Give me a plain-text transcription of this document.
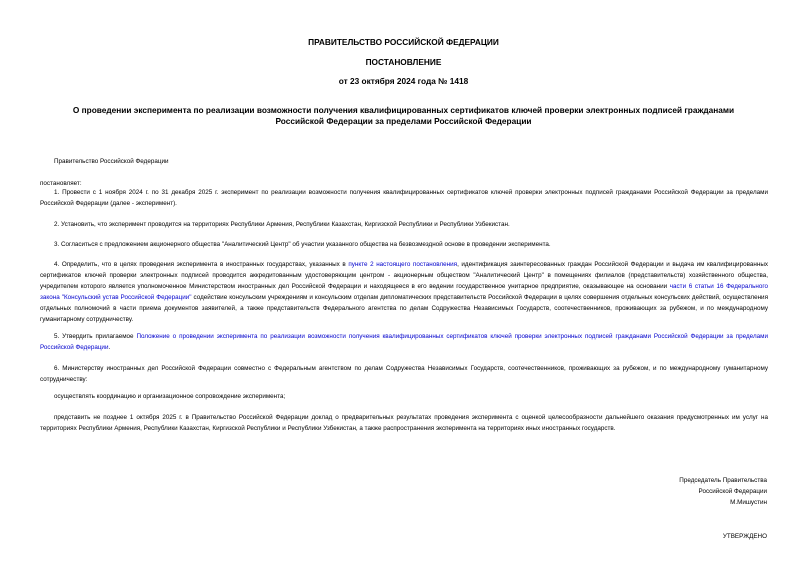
ПРАВИТЕЛЬСТВО РОССИЙСКОЙ ФЕДЕРАЦИИ
ПОСТАНОВЛЕНИЕ
от 23 октября 2024 года № 1418
О проведении эксперимента по реализации возможности получения квалифицированных сертификатов ключей проверки электронных подписей гражданами Российской Федерации за пределами Российской Федерации
Правительство Российской Федерации
постановляет:
1. Провести с 1 ноября 2024 г. по 31 декабря 2025 г. эксперимент по реализации возможности получения квалифицированных сертификатов ключей проверки электронных подписей гражданами Российской Федерации за пределами Российской Федерации (далее - эксперимент).
2. Установить, что эксперимент проводится на территориях Республики Армения, Республики Казахстан, Киргизской Республики и Республики Узбекистан.
3. Согласиться с предложением акционерного общества "Аналитический Центр" об участии указанного общества на безвозмездной основе в проведении эксперимента.
4. Определить, что в целях проведения эксперимента в иностранных государствах, указанных в пункте 2 настоящего постановления, идентификация заинтересованных граждан Российской Федерации и выдача им квалифицированных сертификатов ключей проверки электронных подписей проводится аккредитованным удостоверяющим центром - акционерным обществом "Аналитический Центр" в помещениях филиалов (представительств) хозяйственного общества, учредителем которого является уполномоченное Министерством иностранных дел Российской Федерации и находящееся в его ведении государственное унитарное предприятие, оказывающее на основании части 6 статьи 16 Федерального закона "Консульский устав Российской Федерации" содействие консульским учреждениям и консульским отделам дипломатических представительств Российской Федерации в целях совершения отдельных консульских действий, осуществления отдельных полномочий в части приема документов заявителей, а также представительств Федерального агентства по делам Содружества Независимых Государств, соотечественников, проживающих за рубежом, и по международному гуманитарному сотрудничеству.
5. Утвердить прилагаемое Положение о проведении эксперимента по реализации возможности получения квалифицированных сертификатов ключей проверки электронных подписей гражданами Российской Федерации за пределами Российской Федерации.
6. Министерству иностранных дел Российской Федерации совместно с Федеральным агентством по делам Содружества Независимых Государств, соотечественников, проживающих за рубежом, и по международному гуманитарному сотрудничеству:
осуществлять координацию и организационное сопровождение эксперимента;
представить не позднее 1 октября 2025 г. в Правительство Российской Федерации доклад о предварительных результатах проведения эксперимента с оценкой целесообразности дальнейшего оказания предусмотренных им услуг на территориях Республики Армения, Республики Казахстан, Киргизской Республики и Республики Узбекистан, а также распространения эксперимента на территориях иных иностранных государств.
Председатель Правительства
Российской Федерации
М.Мишустин
УТВЕРЖДЕНО
